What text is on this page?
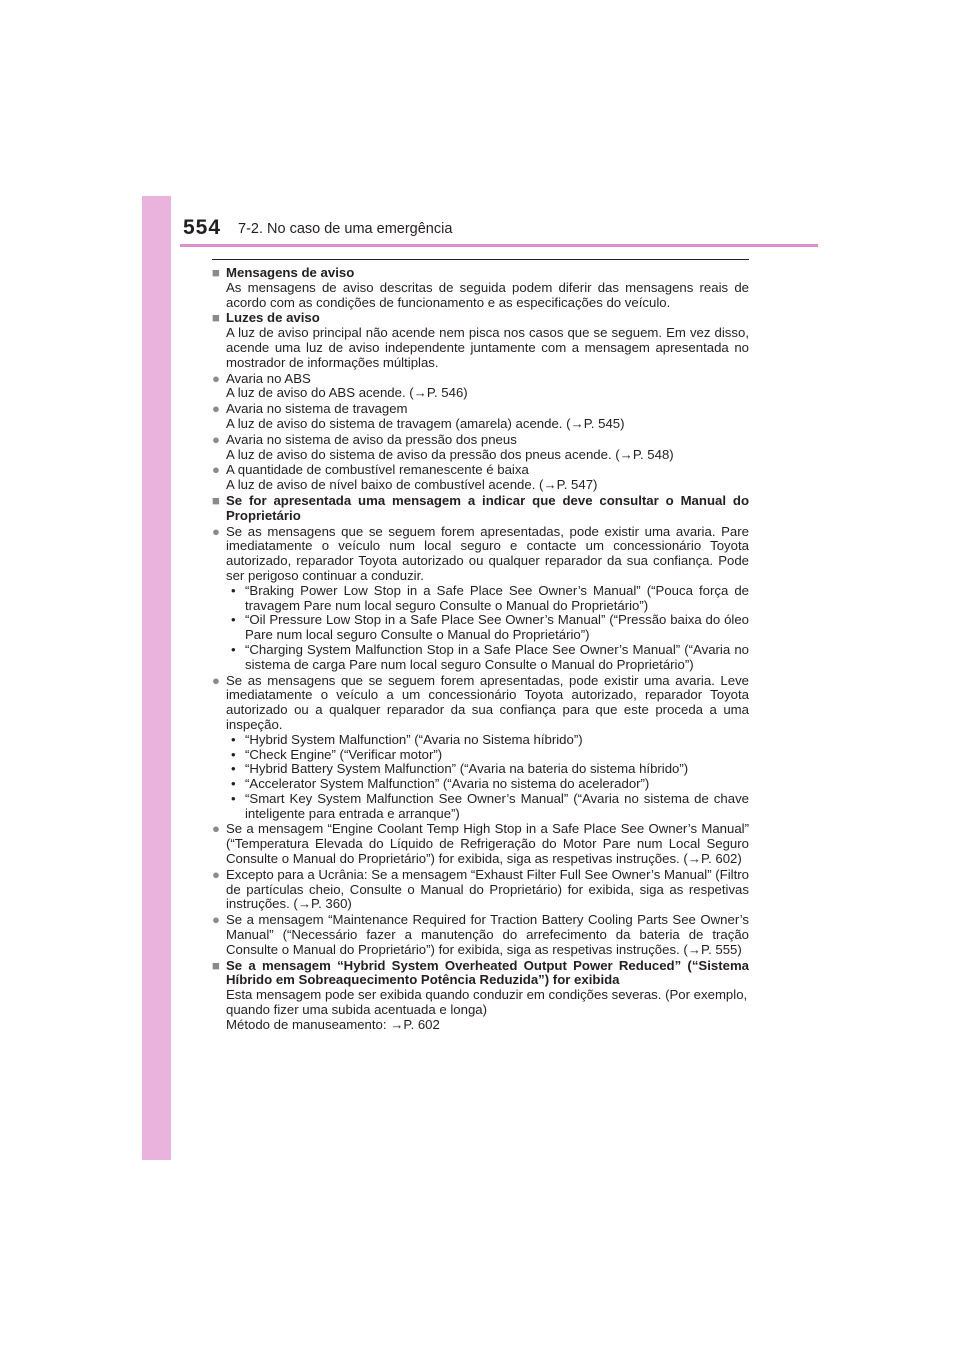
554 7-2. No caso de uma emergência
■ Mensagens de aviso

As mensagens de aviso descritas de seguida podem diferir das mensagens reais de acordo com as condições de funcionamento e as especificações do veículo.

■ Luzes de aviso

A luz de aviso principal não acende nem pisca nos casos que se seguem. Em vez disso, acende uma luz de aviso independente juntamente com a mensagem apresentada no mostrador de informações múltiplas.

● Avaria no ABS

A luz de aviso do ABS acende. (→P. 546)

● Avaria no sistema de travagem

A luz de aviso do sistema de travagem (amarela) acende. (→P. 545)

● Avaria no sistema de aviso da pressão dos pneus

A luz de aviso do sistema de aviso da pressão dos pneus acende. (→P. 548)

● A quantidade de combustível remanescente é baixa

A luz de aviso de nível baixo de combustível acende. (→P. 547)

■ Se for apresentada uma mensagem a indicar que deve consultar o Manual do Proprietário
● Se as mensagens que se seguem forem apresentadas, pode existir uma avaria. Pare imediatamente o veículo num local seguro e contacte um concessionário Toyota autorizado, reparador Toyota autorizado ou qualquer reparador da sua confiança. Pode ser perigoso continuar a conduzir.

• “Braking Power Low Stop in a Safe Place See Owner’s Manual” (“Pouca força de travagem Pare num local seguro Consulte o Manual do Proprietário”)
• “Oil Pressure Low Stop in a Safe Place See Owner’s Manual” (“Pressão baixa do óleo Pare num local seguro Consulte o Manual do Proprietário”)
• “Charging System Malfunction Stop in a Safe Place See Owner’s Manual” (“Avaria no sistema de carga Pare num local seguro Consulte o Manual do Proprietário”)
● Se as mensagens que se seguem forem apresentadas, pode existir uma avaria. Leve imediatamente o veículo a um concessionário Toyota autorizado, reparador Toyota autorizado ou a qualquer reparador da sua confiança para que este proceda a uma inspeção.

• “Hybrid System Malfunction” (“Avaria no Sistema híbrido”)
• “Check Engine” (“Verificar motor”)
• “Hybrid Battery System Malfunction” (“Avaria na bateria do sistema híbrido”)
• “Accelerator System Malfunction” (“Avaria no sistema do acelerador”)
• “Smart Key System Malfunction See Owner’s Manual” (“Avaria no sistema de chave inteligente para entrada e arranque”)
● Se a mensagem “Engine Coolant Temp High Stop in a Safe Place See Owner’s Manual” (“Temperatura Elevada do Líquido de Refrigeração do Motor Pare num Local Seguro Consulte o Manual do Proprietário”) for exibida, siga as respetivas instruções. (→P. 602)

● Excepto para a Ucrânia: Se a mensagem “Exhaust Filter Full See Owner’s Manual” (Filtro de partículas cheio, Consulte o Manual do Proprietário) for exibida, siga as respetivas instruções. (→P. 360)

● Se a mensagem “Maintenance Required for Traction Battery Cooling Parts See Owner’s Manual” (“Necessário fazer a manutenção do arrefecimento da bateria de tração Consulte o Manual do Proprietário”) for exibida, siga as respetivas instruções. (→P. 555)

■ Se a mensagem “Hybrid System Overheated Output Power Reduced” (“Sistema Híbrido em Sobreaquecimento Potência Reduzida”) for exibida

Esta mensagem pode ser exibida quando conduzir em condições severas. (Por exemplo, quando fizer uma subida acentuada e longa)

Método de manuseamento: →P. 602
